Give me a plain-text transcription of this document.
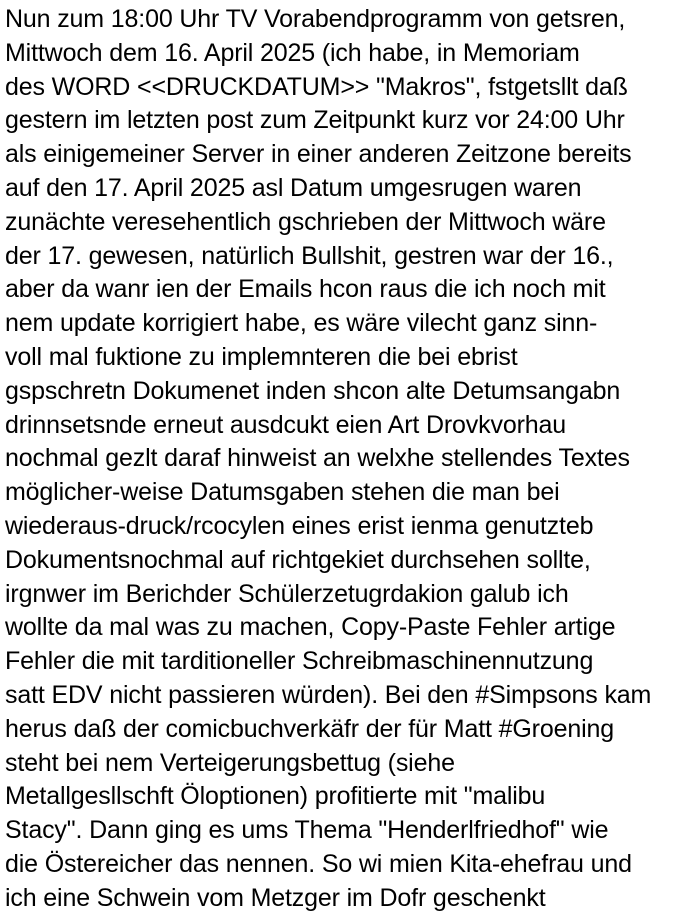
Nun zum 18:00 Uhr TV Vorabendprogramm von getsren,
Mittwoch dem 16. April 2025 (ich habe, in Memoriam
des WORD <<DRUCKDATUM>> "Makros", fstgetsllt daß
gestern im letzten post zum Zeitpunkt kurz vor 24:00 Uhr
als einigemeiner Server in einer anderen Zeitzone bereits
auf den 17. April 2025 asl Datum umgesrugen waren
zunächte veresehentlich gschrieben der Mittwoch wäre
der 17. gewesen, natürlich Bullshit, gestren war der 16.,
aber da wanr ien der Emails hcon raus die ich noch mit
nem update korrigiert habe, es wäre vilecht ganz sinn-
voll mal fuktione zu implemnteren die bei ebrist
gspschretn Dokumenet inden shcon alte Detumsangabn
drinnsetsnde erneut ausdcukt eien Art Drovkvorhau
nochmal gezlt daraf hinweist an welxhe stellendes Textes
möglicher-weise Datumsgaben stehen die man bei
wiederaus-druck/rcocylen eines erist ienma genutzteb
Dokumentsnochmal auf richtgekiet durchsehen sollte,
irgnwer im Berichder Schülerzetugrdakion galub ich
wollte da mal was zu machen, Copy-Paste Fehler artige
Fehler die mit tarditioneller Schreibmaschinennutzung
satt EDV nicht passieren würden). Bei den #Simpsons kam
herus daß der comicbuchverkäfr der für Matt #Groening
steht bei nem Verteigerungsbettug (siehe
Metallgesllschft Öloptionen) profitierte mit "malibu
Stacy". Dann ging es ums Thema "Henderlfriedhof" wie
die Östereicher das nennen. So wi mien Kita-ehefrau und
ich eine Schwein vom Metzger im Dofr geschenkt
